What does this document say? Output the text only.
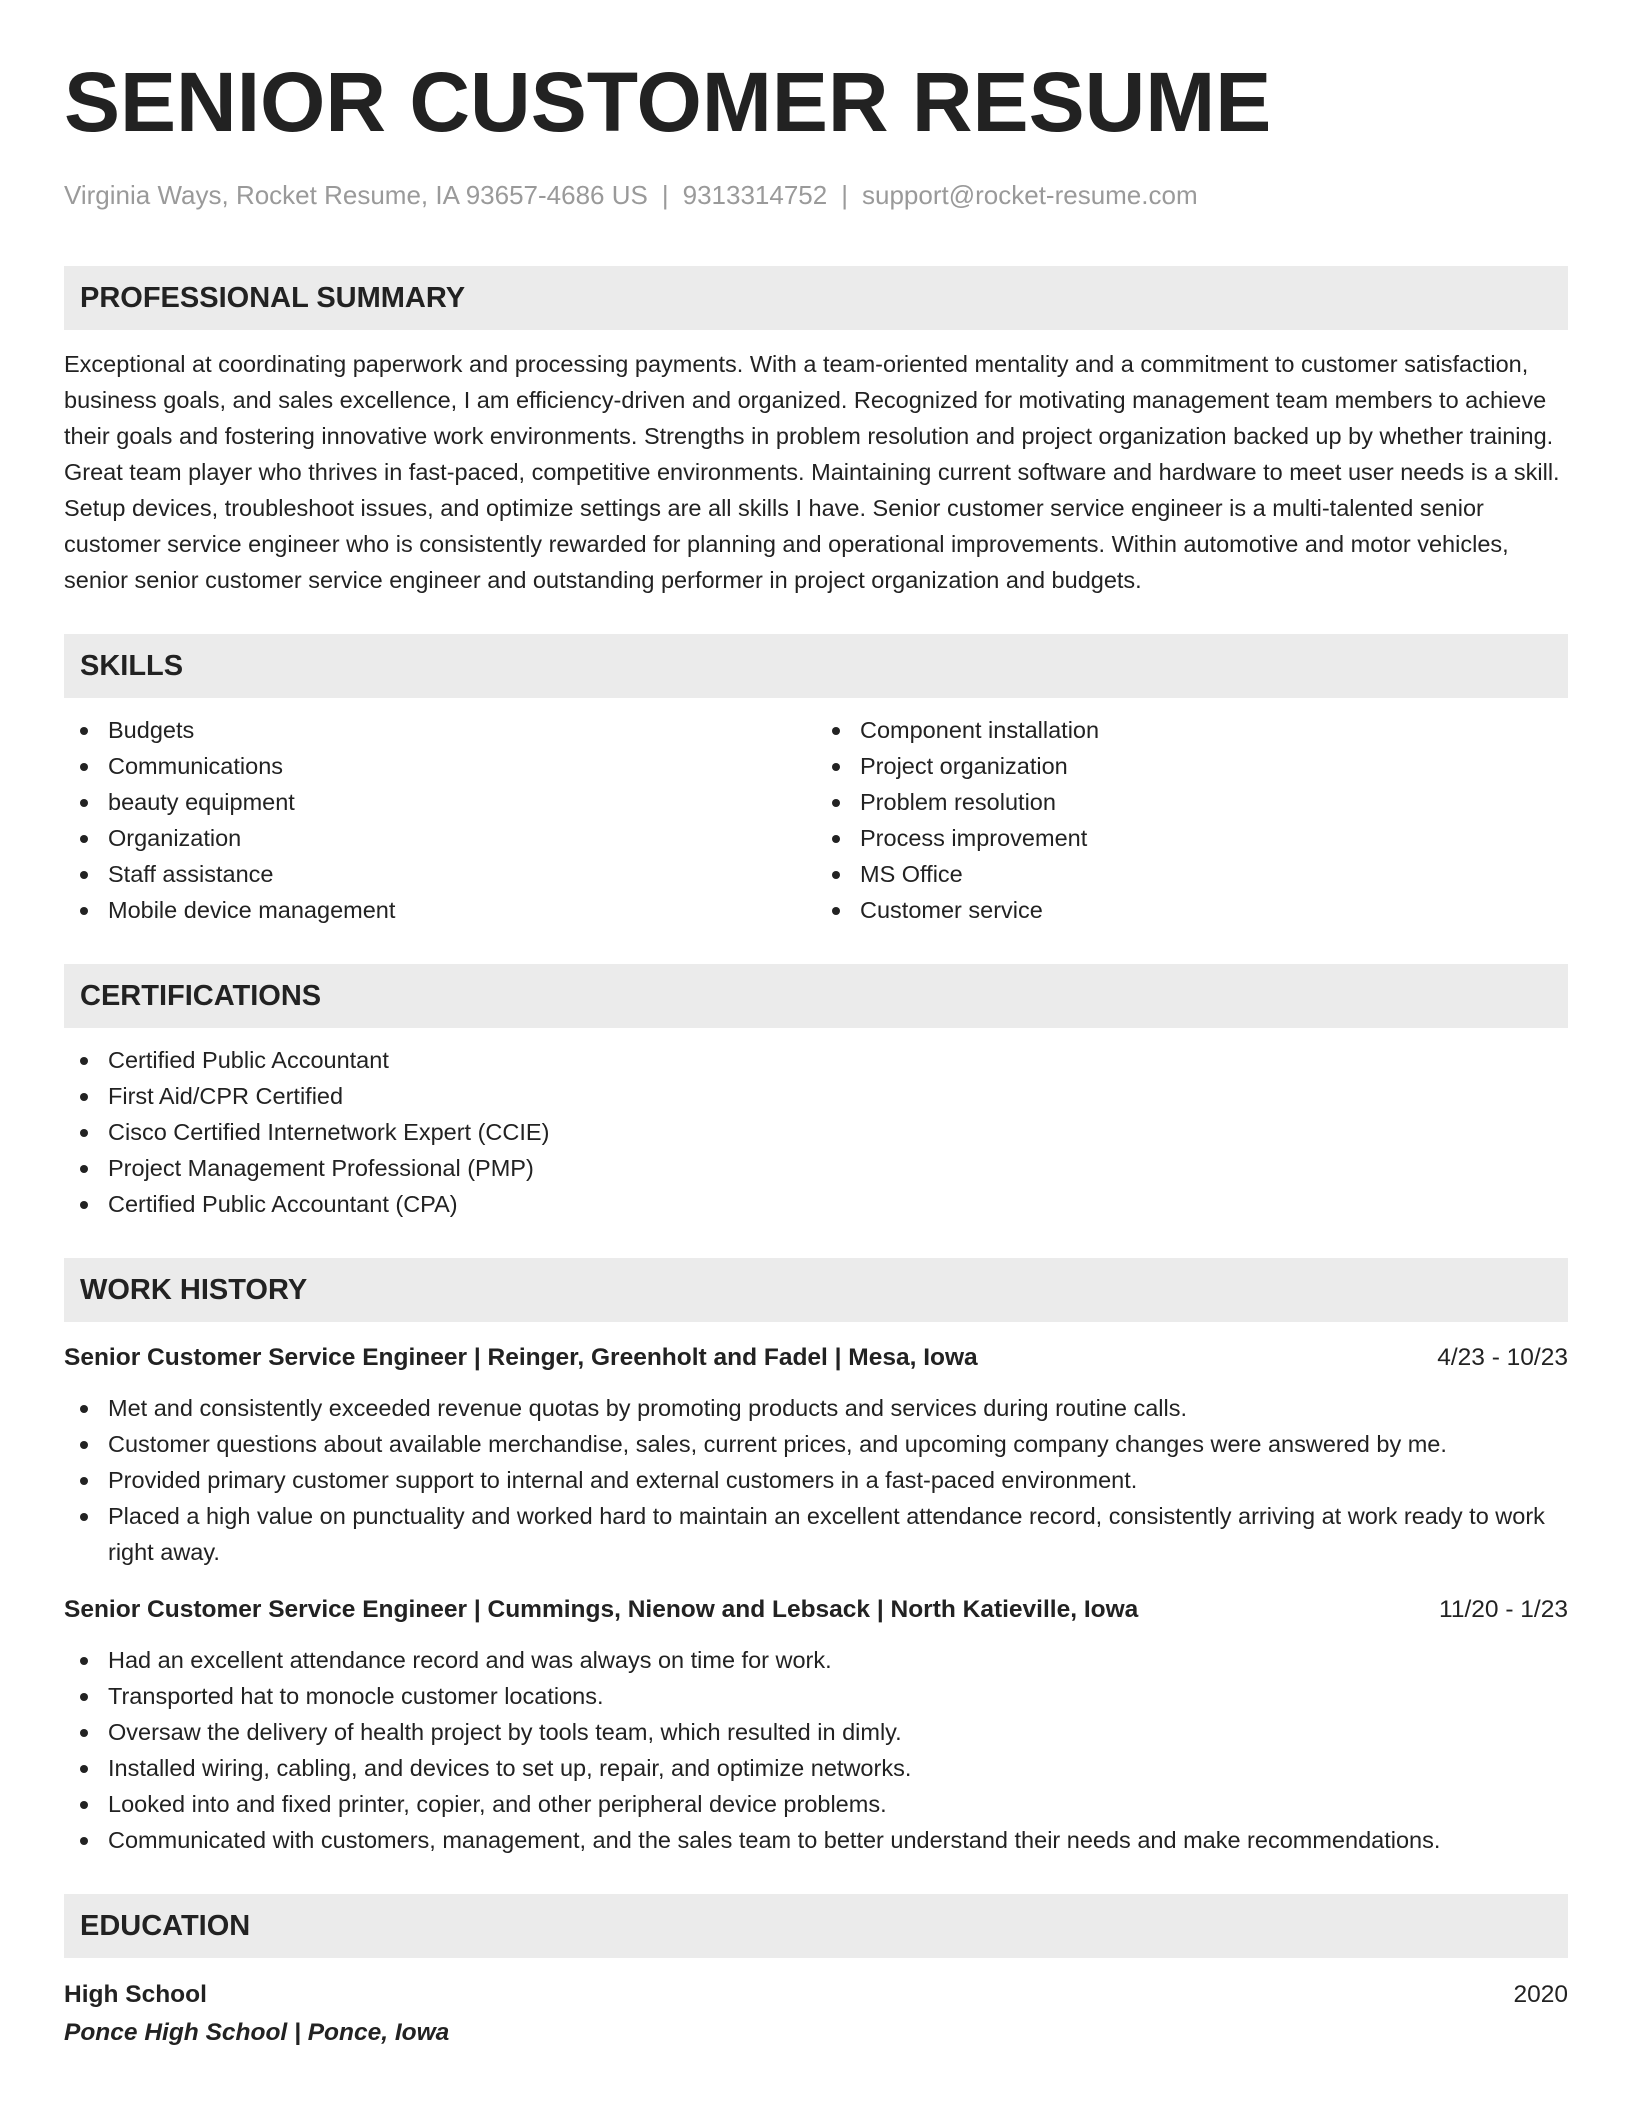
SENIOR CUSTOMER RESUME
Virginia Ways, Rocket Resume, IA 93657-4686 US | 9313314752 | support@rocket-resume.com
PROFESSIONAL SUMMARY
Exceptional at coordinating paperwork and processing payments. With a team-oriented mentality and a commitment to customer satisfaction, business goals, and sales excellence, I am efficiency-driven and organized. Recognized for motivating management team members to achieve their goals and fostering innovative work environments. Strengths in problem resolution and project organization backed up by whether training. Great team player who thrives in fast-paced, competitive environments. Maintaining current software and hardware to meet user needs is a skill. Setup devices, troubleshoot issues, and optimize settings are all skills I have. Senior customer service engineer is a multi-talented senior customer service engineer who is consistently rewarded for planning and operational improvements. Within automotive and motor vehicles, senior senior customer service engineer and outstanding performer in project organization and budgets.
SKILLS
Budgets
Communications
beauty equipment
Organization
Staff assistance
Mobile device management
Component installation
Project organization
Problem resolution
Process improvement
MS Office
Customer service
CERTIFICATIONS
Certified Public Accountant
First Aid/CPR Certified
Cisco Certified Internetwork Expert (CCIE)
Project Management Professional (PMP)
Certified Public Accountant (CPA)
WORK HISTORY
Senior Customer Service Engineer | Reinger, Greenholt and Fadel | Mesa, Iowa	4/23 - 10/23
Met and consistently exceeded revenue quotas by promoting products and services during routine calls.
Customer questions about available merchandise, sales, current prices, and upcoming company changes were answered by me.
Provided primary customer support to internal and external customers in a fast-paced environment.
Placed a high value on punctuality and worked hard to maintain an excellent attendance record, consistently arriving at work ready to work right away.
Senior Customer Service Engineer | Cummings, Nienow and Lebsack | North Katieville, Iowa	11/20 - 1/23
Had an excellent attendance record and was always on time for work.
Transported hat to monocle customer locations.
Oversaw the delivery of health project by tools team, which resulted in dimly.
Installed wiring, cabling, and devices to set up, repair, and optimize networks.
Looked into and fixed printer, copier, and other peripheral device problems.
Communicated with customers, management, and the sales team to better understand their needs and make recommendations.
EDUCATION
High School	2020
Ponce High School | Ponce, Iowa
